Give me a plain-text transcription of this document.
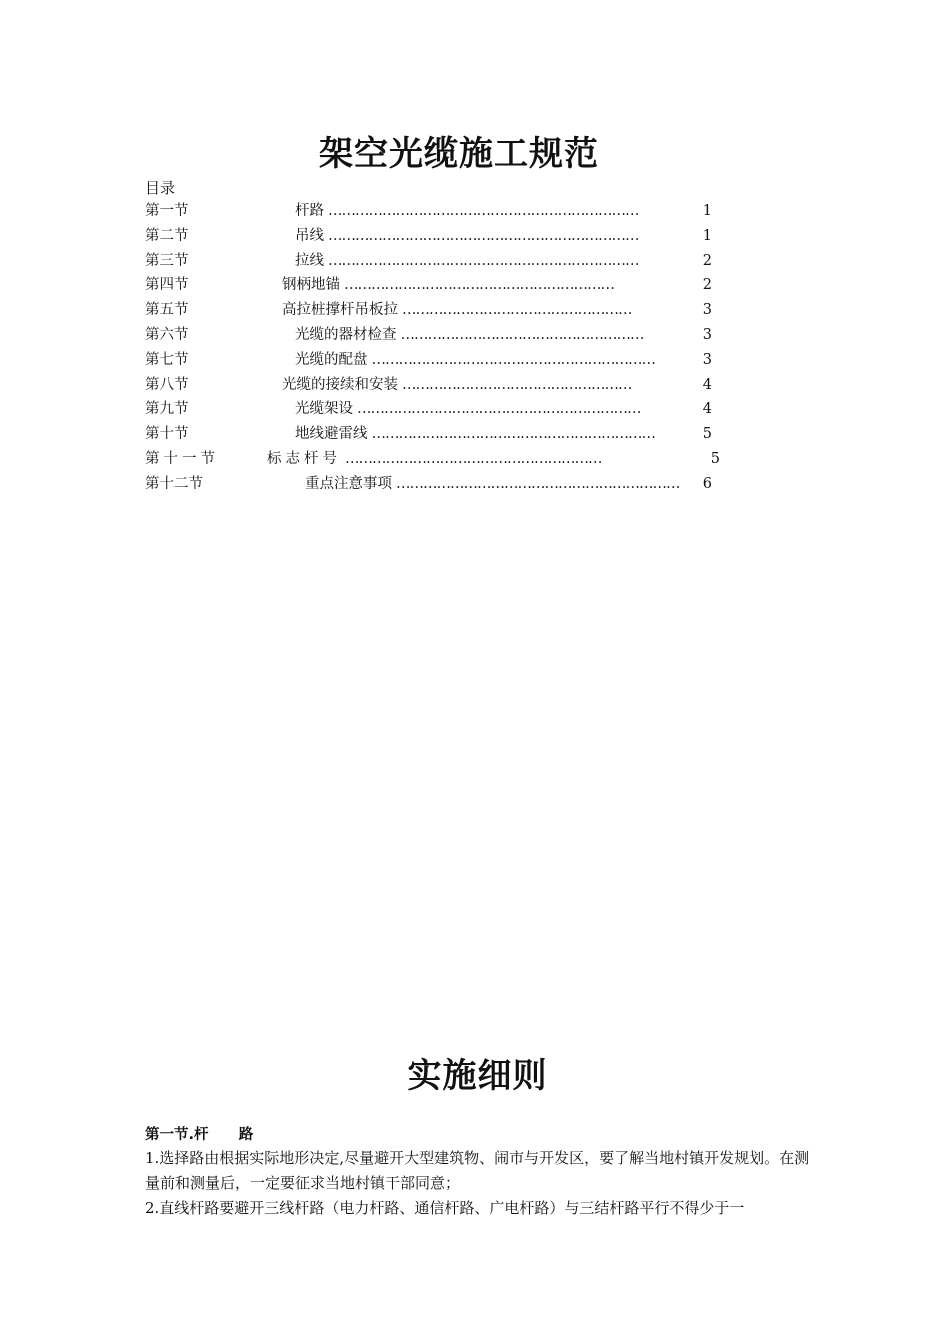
架空光缆施工规范
目录
第一节	杆路 ……………………………………………………………	1
第二节	吊线 ……………………………………………………………	1
第三节	拉线 ……………………………………………………………	2
第四节	钢柄地锚 ……………………………………………………	2
第五节	高拉桩撑杆吊板拉 ……………………………………………	3
第六节	光缆的器材检查 ………………………………………………	3
第七节	光缆的配盘 ………………………………………………………	3
第八节	光缆的接续和安装 ……………………………………………	4
第九节	光缆架设 ………………………………………………………	4
第十节	地线避雷线 ………………………………………………………	5
第十一节	标志杆号 …………………………………………………	5
第十二节	重点注意事项 ………………………………………………………	6
实施细则
第一节.杆      路

1.选择路由根据实际地形决定,尽量避开大型建筑物、闹市与开发区，要了解当地村镇开发规划。在测量前和测量后，一定要征求当地村镇干部同意；

2.直线杆路要避开三线杆路（电力杆路、通信杆路、广电杆路）与三结杆路平行不得少于一
